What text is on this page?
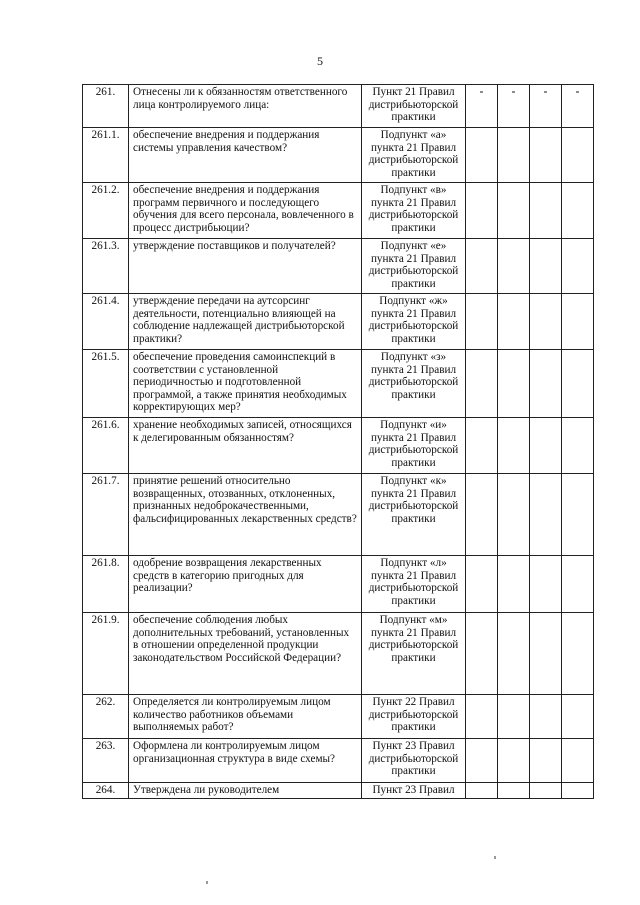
5
261.	Отнесены ли к обязанностям ответственного лица контролируемого лица:	Пункт 21 Правил дистрибьюторской практики	-	-	-	-
261.1.	обеспечение внедрения и поддержания системы управления качеством?	Подпункт «а» пункта 21 Правил дистрибьюторской практики				
261.2.	обеспечение внедрения и поддержания программ первичного и последующего обучения для всего персонала, вовлеченного в процесс дистрибьюции?	Подпункт «в» пункта 21 Правил дистрибьюторской практики				
261.3.	утверждение поставщиков и получателей?	Подпункт «е» пункта 21 Правил дистрибьюторской практики				
261.4.	утверждение передачи на аутсорсинг деятельности, потенциально влияющей на соблюдение надлежащей дистрибьюторской практики?	Подпункт «ж» пункта 21 Правил дистрибьюторской практики				
261.5.	обеспечение проведения самоинспекций в соответствии с установленной периодичностью и подготовленной программой, а также принятия необходимых корректирующих мер?	Подпункт «з» пункта 21 Правил дистрибьюторской практики				
261.6.	хранение необходимых записей, относящихся к делегированным обязанностям?	Подпункт «и» пункта 21 Правил дистрибьюторской практики				
261.7.	принятие решений относительно возвращенных, отозванных, отклоненных, признанных недоброкачественными, фальсифицированных лекарственных средств?	Подпункт «к» пункта 21 Правил дистрибьюторской практики				
261.8.	одобрение возвращения лекарственных средств в категорию пригодных для реализации?	Подпункт «л» пункта 21 Правил дистрибьюторской практики				
261.9.	обеспечение соблюдения любых дополнительных требований, установленных в отношении определенной продукции законодательством Российской Федерации?	Подпункт «м» пункта 21 Правил дистрибьюторской практики				
262.	Определяется ли контролируемым лицом количество работников объемами выполняемых работ?	Пункт 22 Правил дистрибьюторской практики				
263.	Оформлена ли контролируемым лицом организационная структура в виде схемы?	Пункт 23 Правил дистрибьюторской практики				
264.	Утверждена ли руководителем	Пункт 23 Правил				
